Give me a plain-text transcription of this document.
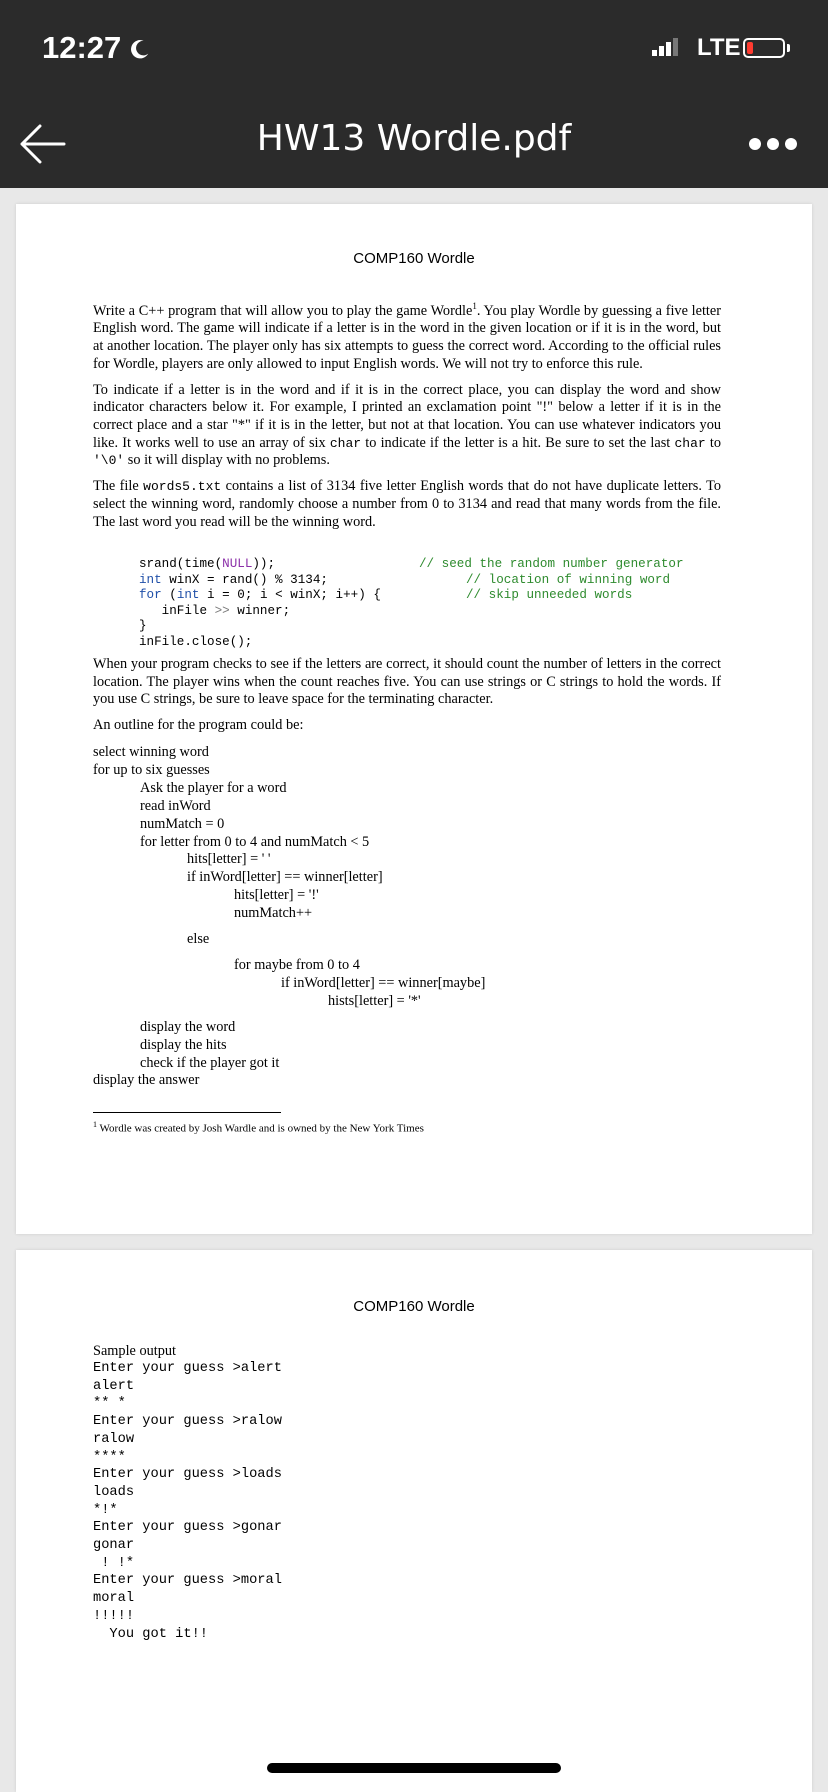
12:27	LTE
HW13 Wordle.pdf
COMP160 Wordle

Write a C++ program that will allow you to play the game Wordle$^1$. You play Wordle by guessing a five letter English word. The game will indicate if a letter is in the word in the given location or if it is in the word, but at another location. The player only has six attempts to guess the correct word. According to the official rules for Wordle, players are only allowed to input English words. We will not try to enforce this rule.

To indicate if a letter is in the word and if it is in the correct place, you can display the word and show indicator characters below it. For example, I printed an exclamation point "!" below a letter if it is in the correct place and a star "*" if it is in the letter, but not at that location. You can use whatever indicators you like. It works well to use an array of six char to indicate if the letter is a hit. Be sure to set the last char to '\0' so it will display with no problems.

The file words5.txt contains a list of 3134 five letter English words that do not have duplicate letters. To select the winning word, randomly choose a number from 0 to 3134 and read that many words from the file. The last word you read will be the winning word.

srand(time(NULL));	// seed the random number generator
int winX = rand() % 3134;	// location of winning word
for (int i = 0; i < winX; i++) {	// skip unneeded words
inFile >> winner;
}
inFile.close();

When your program checks to see if the letters are correct, it should count the number of letters in the correct location. The player wins when the count reaches five. You can use strings or C strings to hold the words. If you use C strings, be sure to leave space for the terminating character.

An outline for the program could be:

select winning word
for up to six guesses
Ask the player for a word
read inWord
numMatch = 0
for letter from 0 to 4 and numMatch < 5
hits[letter] = ' '
if inWord[letter] == winner[letter]
hits[letter] = '!'
numMatch++
else
for maybe from 0 to 4
if inWord[letter] == winner[maybe]
hists[letter] = '*'
display the word
display the hits
check if the player got it
display the answer
$^1$ Wordle was created by Josh Wardle and is owned by the New York Times
COMP160 Wordle
Sample output
Enter your guess >alert
alert
** *
Enter your guess >ralow
ralow
****
Enter your guess >loads
loads
*!*
Enter your guess >gonar
gonar
! !*
Enter your guess >moral
moral
!!!!!
You got it!!
